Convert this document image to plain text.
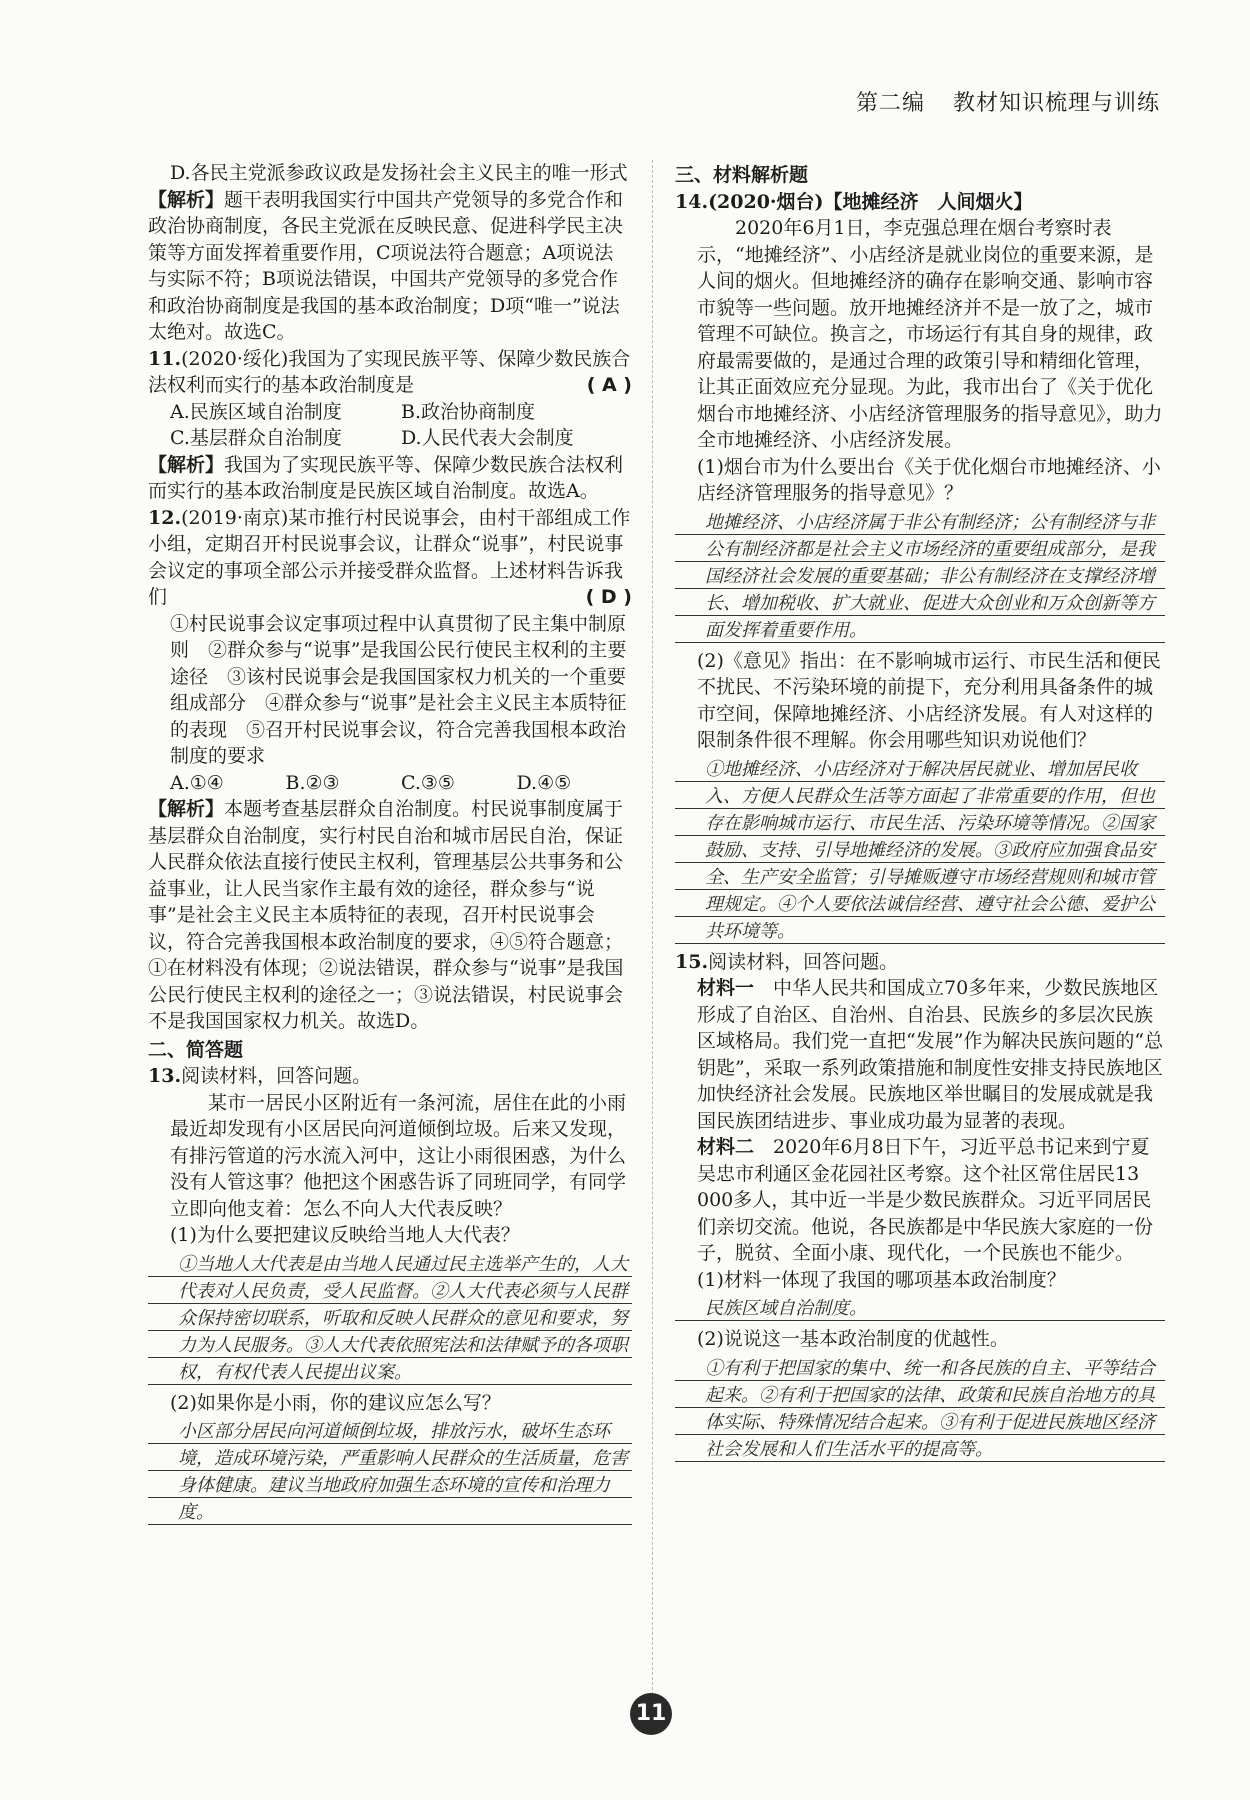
第二编 教材知识梳理与训练

D.各民主党派参政议政是发扬社会主义民主的唯一形式

【解析】题干表明我国实行中国共产党领导的多党合作和政治协商制度，各民主党派在反映民意、促进科学民主决策等方面发挥着重要作用，C项说法符合题意；A项说法与实际不符；B项说法错误，中国共产党领导的多党合作和政治协商制度是我国的基本政治制度；D项“唯一”说法太绝对。故选C。

11.(2020·绥化)我国为了实现民族平等、保障少数民族合法权利而实行的基本政治制度是	( A )

A.民族区域自治制度	B.政治协商制度
C.基层群众自治制度	D.人民代表大会制度

【解析】我国为了实现民族平等、保障少数民族合法权利而实行的基本政治制度是民族区域自治制度。故选A。

12.(2019·南京)某市推行村民说事会，由村干部组成工作小组，定期召开村民说事会议，让群众“说事”，村民说事会议定的事项全部公示并接受群众监督。上述材料告诉我们	( D )

①村民说事会议定事项过程中认真贯彻了民主集中制原则　②群众参与“说事”是我国公民行使民主权利的主要途径　③该村民说事会是我国国家权力机关的一个重要组成部分　④群众参与“说事”是社会主义民主本质特征的表现　⑤召开村民说事会议，符合完善我国根本政治制度的要求

A.①④	B.②③	C.③⑤	D.④⑤

【解析】本题考查基层群众自治制度。村民说事制度属于基层群众自治制度，实行村民自治和城市居民自治，保证人民群众依法直接行使民主权利，管理基层公共事务和公益事业，让人民当家作主最有效的途径，群众参与“说事”是社会主义民主本质特征的表现，召开村民说事会议，符合完善我国根本政治制度的要求，④⑤符合题意；①在材料没有体现；②说法错误，群众参与“说事”是我国公民行使民主权利的途径之一；③说法错误，村民说事会不是我国国家权力机关。故选D。

二、简答题

13.阅读材料，回答问题。

某市一居民小区附近有一条河流，居住在此的小雨最近却发现有小区居民向河道倾倒垃圾。后来又发现，有排污管道的污水流入河中，这让小雨很困惑，为什么没有人管这事？他把这个困惑告诉了同班同学，有同学立即向他支着：怎么不向人大代表反映？

(1)为什么要把建议反映给当地人大代表？

①当地人大代表是由当地人民通过民主选举产生的，人大代表对人民负责，受人民监督。②人大代表必须与人民群众保持密切联系，听取和反映人民群众的意见和要求，努力为人民服务。③人大代表依照宪法和法律赋予的各项职权，有权代表人民提出议案。

(2)如果你是小雨，你的建议应怎么写？

小区部分居民向河道倾倒垃圾，排放污水，破坏生态环境，造成环境污染，严重影响人民群众的生活质量，危害身体健康。建议当地政府加强生态环境的宣传和治理力度。

三、材料解析题

14.(2020·烟台)【地摊经济　人间烟火】

2020年6月1日，李克强总理在烟台考察时表示，“地摊经济”、小店经济是就业岗位的重要来源，是人间的烟火。但地摊经济的确存在影响交通、影响市容市貌等一些问题。放开地摊经济并不是一放了之，城市管理不可缺位。换言之，市场运行有其自身的规律，政府最需要做的，是通过合理的政策引导和精细化管理，让其正面效应充分显现。为此，我市出台了《关于优化烟台市地摊经济、小店经济管理服务的指导意见》，助力全市地摊经济、小店经济发展。

(1)烟台市为什么要出台《关于优化烟台市地摊经济、小店经济管理服务的指导意见》？

地摊经济、小店经济属于非公有制经济；公有制经济与非公有制经济都是社会主义市场经济的重要组成部分，是我国经济社会发展的重要基础；非公有制经济在支撑经济增长、增加税收、扩大就业、促进大众创业和万众创新等方面发挥着重要作用。

(2)《意见》指出：在不影响城市运行、市民生活和便民不扰民、不污染环境的前提下，充分利用具备条件的城市空间，保障地摊经济、小店经济发展。有人对这样的限制条件很不理解。你会用哪些知识劝说他们？

①地摊经济、小店经济对于解决居民就业、增加居民收入、方便人民群众生活等方面起了非常重要的作用，但也存在影响城市运行、市民生活、污染环境等情况。②国家鼓励、支持、引导地摊经济的发展。③政府应加强食品安全、生产安全监管；引导摊贩遵守市场经营规则和城市管理规定。④个人要依法诚信经营、遵守社会公德、爱护公共环境等。

15.阅读材料，回答问题。

材料一　 中华人民共和国成立70多年来，少数民族地区形成了自治区、自治州、自治县、民族乡的多层次民族区域格局。我们党一直把“发展”作为解决民族问题的“总钥匙”，采取一系列政策措施和制度性安排支持民族地区加快经济社会发展。民族地区举世瞩目的发展成就是我国民族团结进步、事业成功最为显著的表现。

材料二　 2020年6月8日下午，习近平总书记来到宁夏吴忠市利通区金花园社区考察。这个社区常住居民13 000多人，其中近一半是少数民族群众。习近平同居民们亲切交流。他说，各民族都是中华民族大家庭的一份子，脱贫、全面小康、现代化，一个民族也不能少。

(1)材料一体现了我国的哪项基本政治制度？

民族区域自治制度。

(2)说说这一基本政治制度的优越性。

①有利于把国家的集中、统一和各民族的自主、平等结合起来。②有利于把国家的法律、政策和民族自治地方的具体实际、特殊情况结合起来。③有利于促进民族地区经济社会发展和人们生活水平的提高等。

11
